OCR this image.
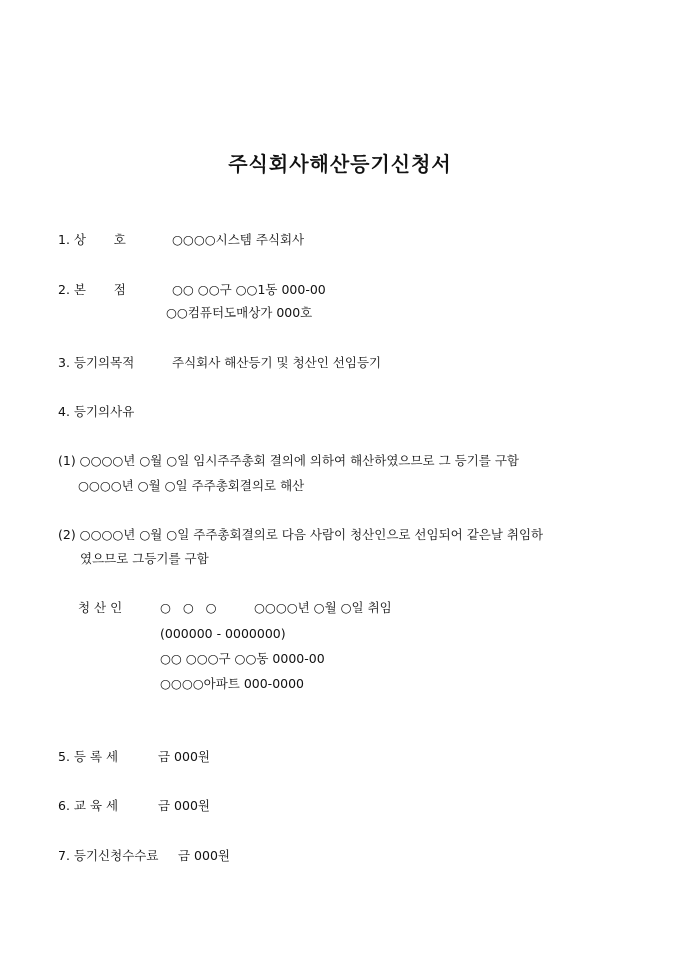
주식회사해산등기신청서
1. 상       호	○○○○시스템 주식회사
2. 본       점	○○ ○○구 ○○1동 000-00
○○컴퓨터도매상가 000호
3. 등기의목적	주식회사 해산등기 및 청산인 선임등기
4. 등기의사유
(1) ○○○○년 ○월 ○일 임시주주총회 결의에 의하여 해산하였으므로 그 등기를 구함
○○○○년 ○월 ○일 주주총회결의로 해산
(2) ○○○○년 ○월 ○일 주주총회결의로 다음 사람이 청산인으로 선임되어 같은날 취임하
였으므로 그등기를 구함
청 산 인	○   ○   ○	○○○○년 ○월 ○일 취임
(000000 - 0000000)
○○ ○○○구 ○○동 0000-00
○○○○아파트 000-0000
5. 등 록 세	금 000원
6. 교 육 세	금 000원
7. 등기신청수수료 금 000원
